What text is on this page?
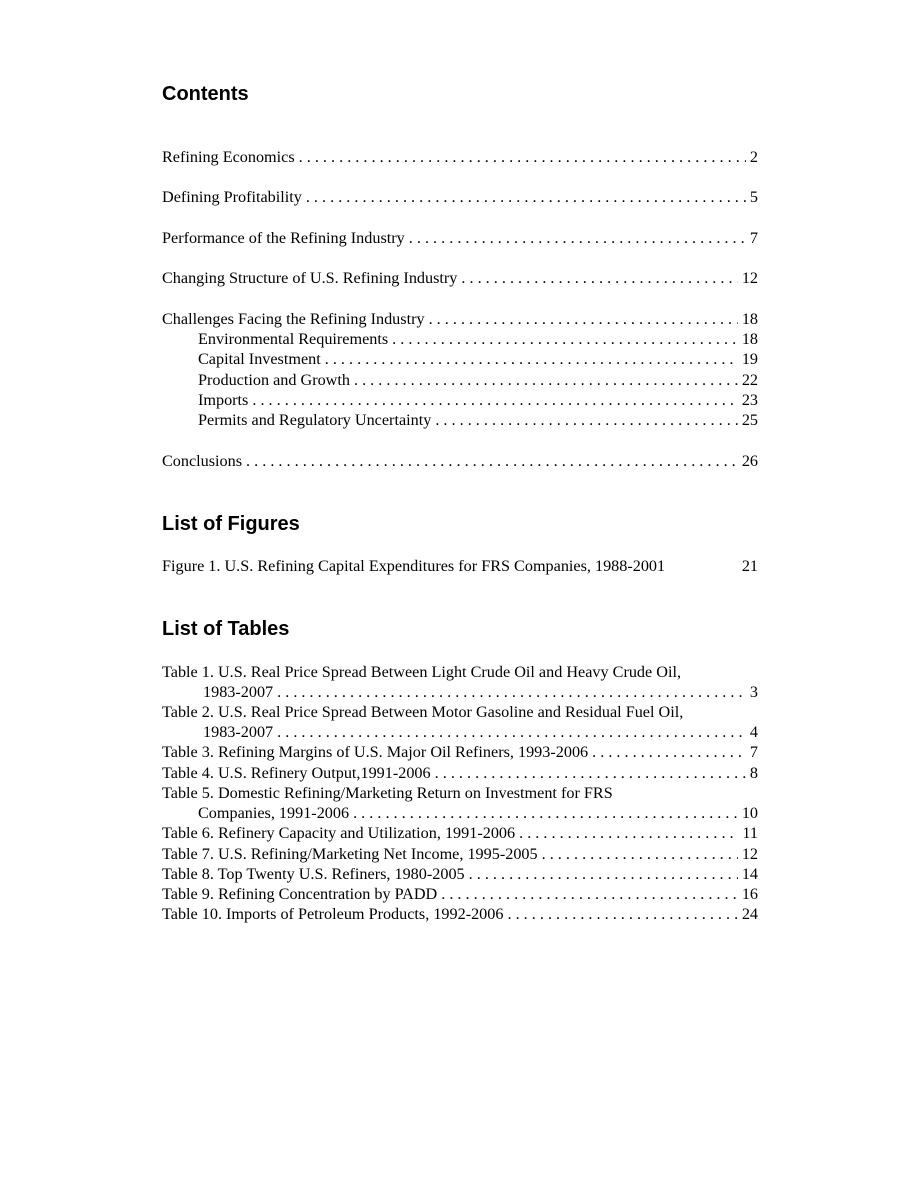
Contents
Refining Economics . . .	2
Defining Profitability . . .	5
Performance of the Refining Industry . . .	7
Changing Structure of U.S. Refining Industry . . .	12
Challenges Facing the Refining Industry . . .	18
Environmental Requirements . . .	18
Capital Investment . . .	19
Production and Growth . . .	22
Imports . . .	23
Permits and Regulatory Uncertainty . . .	25
Conclusions . . .	26
List of Figures
Figure 1. U.S. Refining Capital Expenditures for FRS Companies, 1988-2001	21
List of Tables
Table 1. U.S. Real Price Spread Between Light Crude Oil and Heavy Crude Oil,
1983-2007 . . .	3
Table 2. U.S. Real Price Spread Between Motor Gasoline and Residual Fuel Oil,
1983-2007 . . .	4
Table 3. Refining Margins of U.S. Major Oil Refiners, 1993-2006 . . .	7
Table 4. U.S. Refinery Output,1991-2006 . . .	8
Table 5. Domestic Refining/Marketing Return on Investment for FRS
Companies, 1991-2006 . . .	10
Table 6. Refinery Capacity and Utilization, 1991-2006 . . .	11
Table 7. U.S. Refining/Marketing Net Income, 1995-2005 . . .	12
Table 8. Top Twenty U.S. Refiners, 1980-2005 . . .	14
Table 9. Refining Concentration by PADD . . .	16
Table 10. Imports of Petroleum Products, 1992-2006 . . .	24
